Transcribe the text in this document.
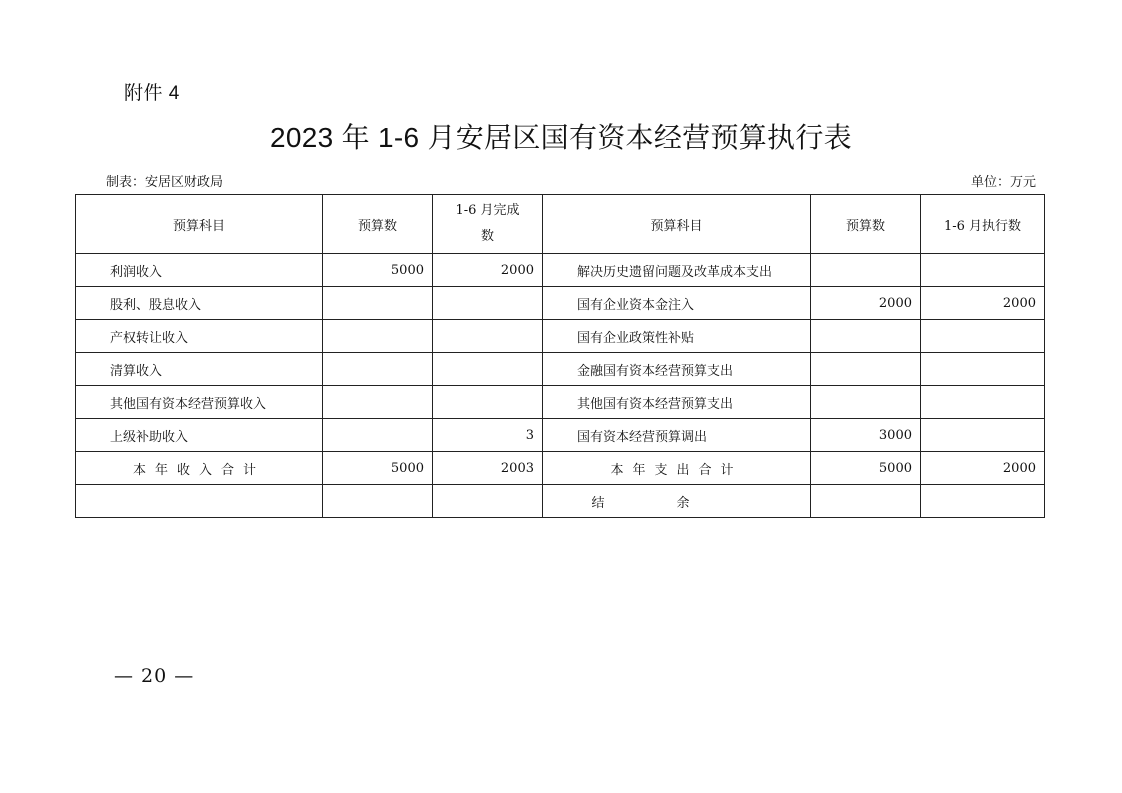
附件 4
2023 年 1-6 月安居区国有资本经营预算执行表
制表：安居区财政局	单位：万元
预算科目	预算数	1-6 月完成数	预算科目	预算数	1-6 月执行数
利润收入	5000	2000	解决历史遗留问题及改革成本支出		
股利、股息收入			国有企业资本金注入	2000	2000
产权转让收入			国有企业政策性补贴		
清算收入			金融国有资本经营预算支出		
其他国有资本经营预算收入			其他国有资本经营预算支出		
上级补助收入		3	国有资本经营预算调出	3000	
本年收入合计	5000	2003	本年支出合计	5000	2000
			结余		
— 20 —
